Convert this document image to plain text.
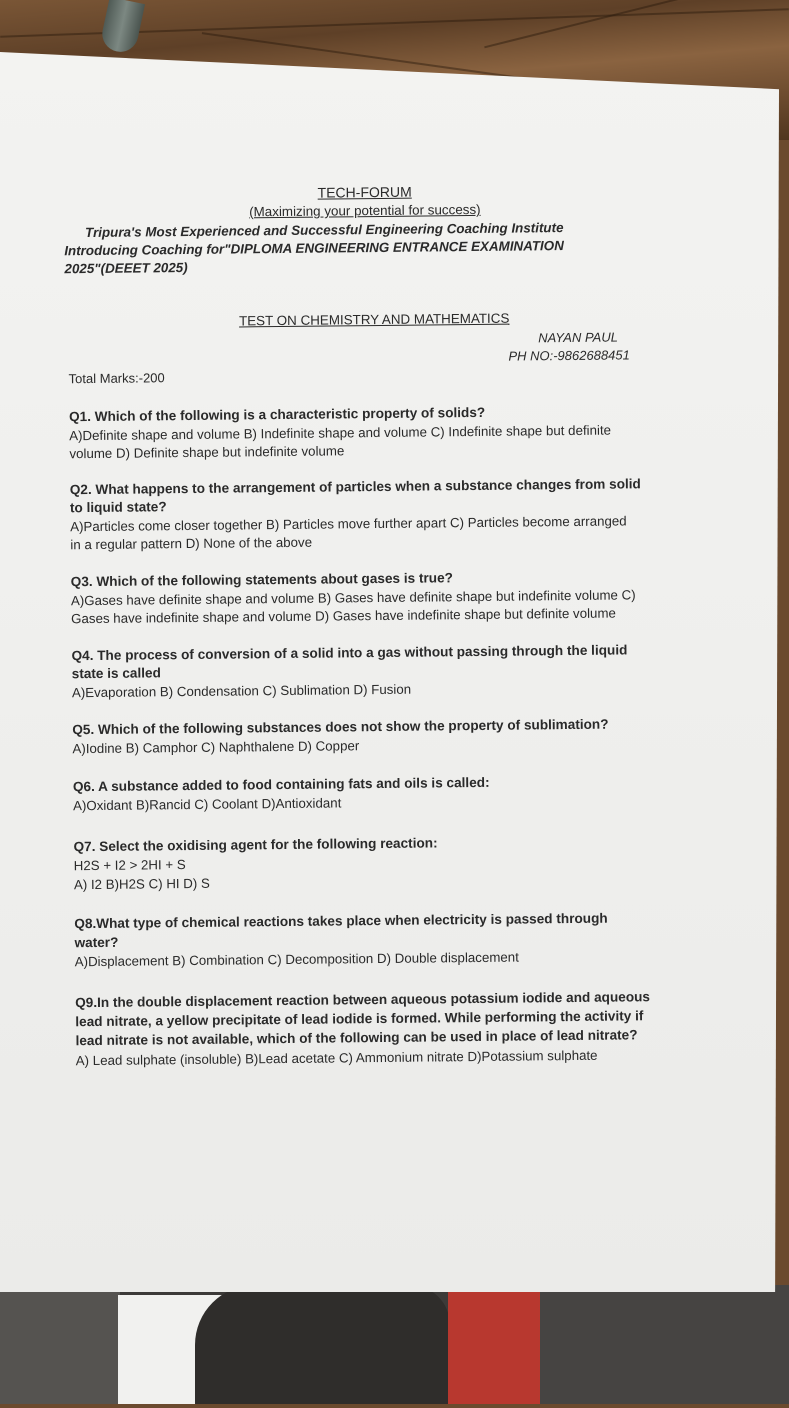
TECH-FORUM
(Maximizing your potential for success)
Tripura's Most Experienced and Successful Engineering Coaching Institute
Introducing Coaching for"DIPLOMA ENGINEERING ENTRANCE EXAMINATION
2025"(DEEET 2025)
TEST ON CHEMISTRY AND MATHEMATICS
NAYAN PAUL
PH NO:-9862688451
Total Marks:-200
Q1. Which of the following is a characteristic property of solids?
A)Definite shape and volume B) Indefinite shape and volume C) Indefinite shape but definite
volume D) Definite shape but indefinite volume
Q2. What happens to the arrangement of particles when a substance changes from solid
to liquid state?
A)Particles come closer together B) Particles move further apart C) Particles become arranged
in a regular pattern D) None of the above
Q3. Which of the following statements about gases is true?
A)Gases have definite shape and volume B) Gases have definite shape but indefinite volume C)
Gases have indefinite shape and volume D) Gases have indefinite shape but definite volume
Q4. The process of conversion of a solid into a gas without passing through the liquid
state is called
A)Evaporation B) Condensation C) Sublimation D) Fusion
Q5. Which of the following substances does not show the property of sublimation?
A)Iodine B) Camphor C) Naphthalene D) Copper
Q6. A substance added to food containing fats and oils is called:
A)Oxidant B)Rancid C) Coolant D)Antioxidant
Q7. Select the oxidising agent for the following reaction:
H2S + I2 > 2HI + S
A) I2 B)H2S C) HI D) S
Q8.What type of chemical reactions takes place when electricity is passed through
water?
A)Displacement B) Combination C) Decomposition D) Double displacement
Q9.In the double displacement reaction between aqueous potassium iodide and aqueous
lead nitrate, a yellow precipitate of lead iodide is formed. While performing the activity if
lead nitrate is not available, which of the following can be used in place of lead nitrate?
A) Lead sulphate (insoluble) B)Lead acetate C) Ammonium nitrate D)Potassium sulphate
